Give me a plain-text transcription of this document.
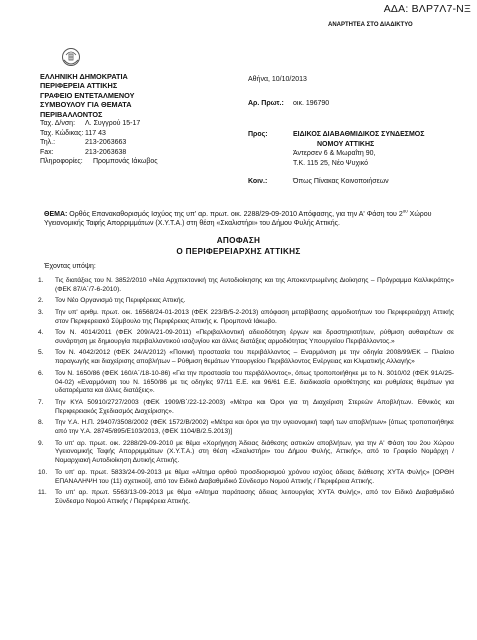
ΑΔΑ: ΒΛΡ7Λ7-ΝΞ
ΑΝΑΡΤΗΤΕΑ ΣΤΟ ΔΙΑΔΙΚΤΥΟ
ΕΛΛΗΝΙΚΗ ΔΗΜΟΚΡΑΤΙΑ
ΠΕΡΙΦΕΡΕΙΑ ΑΤΤΙΚΗΣ
ΓΡΑΦΕΙΟ ΕΝΤΕΤΑΛΜΕΝΟΥ
ΣΥΜΒΟΥΛΟΥ ΓΙΑ ΘΕΜΑΤΑ
ΠΕΡΙΒΑΛΛΟΝΤΟΣ
Ταχ. Δ/νση:	Λ. Συγγρού 15-17
Ταχ. Κώδικας: 117 43
Τηλ.:	213-2063663
Fax:	213-2063638
Πληροφορίες:	Προμπονάς Ιάκωβος
Αθήνα, 10/10/2013
Αρ. Πρωτ.: οικ. 196790
Προς:	ΕΙΔΙΚΟΣ ΔΙΑΒΑΘΜΙΔΙΚΟΣ ΣΥΝΔΕΣΜΟΣ
ΝΟΜΟΥ ΑΤΤΙΚΗΣ
Άντερσεν 6 & Μωραΐτη 90,
Τ.Κ. 115 25, Νέο Ψυχικό
Κοιν.:	Όπως Πίνακας Κοινοποιήσεων
ΘΕΜΑ: Ορθός Επανακαθορισμός Ισχύος της υπ' αρ. πρωτ. οικ. 2288/29-09-2010 Απόφασης, για την Α' Φάση του $2^{o\upsilon}$ Χώρου Υγειονομικής Ταφής Απορριμμάτων (Χ.Υ.Τ.Α.) στη θέση «Σκαλιστήρι» του Δήμου Φυλής Αττικής.
ΑΠΟΦΑΣΗ
Ο ΠΕΡΙΦΕΡΕΙΑΡΧΗΣ ΑΤΤΙΚΗΣ
Έχοντας υπόψη:
1.	Τις διατάξεις του Ν. 3852/2010 «Νέα Αρχιτεκτονική της Αυτοδιοίκησης και της Αποκεντρωμένης Διοίκησης – Πρόγραμμα Καλλικράτης» (ΦΕΚ 87/Α΄/7-6-2010).
2.	Τον Νέο Οργανισμό της Περιφέρειας Αττικής.
3.	Την υπ' αριθμ. πρωτ. οικ. 16568/24-01-2013 (ΦΕΚ 223/Β/5-2-2013) απόφαση μεταβίβασης αρμοδιοτήτων του Περιφερειάρχη Αττικής στον Περιφερειακό Σύμβουλο της Περιφέρειας Αττικής κ. Προμπονά Ιάκωβο.
4.	Τον Ν. 4014/2011 (ΦΕΚ 209/Α/21-09-2011) «Περιβαλλοντική αδειοδότηση έργων και δραστηριοτήτων, ρύθμιση αυθαιρέτων σε συνάρτηση με δημιουργία περιβαλλοντικού ισοζυγίου και άλλες διατάξεις αρμοδιότητας Υπουργείου Περιβάλλοντος.»
5.	Τον Ν. 4042/2012 (ΦΕΚ 24/Α/2012) «Ποινική προστασία του περιβάλλοντος – Εναρμόνιση με την οδηγία 2008/99/ΕΚ – Πλαίσιο παραγωγής και διαχείρισης αποβλήτων – Ρύθμιση θεμάτων Υπουργείου Περιβάλλοντος Ενέργειας και Κλιματικής Αλλαγής»
6.	Τον Ν. 1650/86 (ΦΕΚ 160/Α΄/18-10-86) «Για την προστασία του περιβάλλοντος», όπως τροποποιήθηκε με το Ν. 3010/02 (ΦΕΚ 91Α/25-04-02) «Εναρμόνιση του Ν. 1650/86 με τις οδηγίες 97/11 Ε.Ε. και 96/61 Ε.Ε. διαδικασία οριοθέτησης και ρυθμίσεις θεμάτων για υδατορέματα και άλλες διατάξεις».
7.	Την ΚΥΑ 50910/2727/2003 (ΦΕΚ 1909/Β΄/22-12-2003) «Μέτρα και Όροι για τη Διαχείριση Στερεών Αποβλήτων. Εθνικός και Περιφερειακός Σχεδιασμός Διαχείρισης».
8.	Την Υ.Α. Η.Π. 29407/3508/2002 (ΦΕΚ 1572/Β/2002) «Μέτρα και όροι για την υγειονομική ταφή των αποβλήτων» [όπως τροποποιήθηκε από την Υ.Α. 28745/895/Ε103/2013, (ΦΕΚ 1104/Β/2.5.2013)]
9.	Το υπ' αρ. πρωτ. οικ. 2288/29-09-2010 με θέμα «Χορήγηση Άδειας διάθεσης αστικών αποβλήτων, για την Α' Φάση του 2ου Χώρου Υγειονομικής Ταφής Απορριμμάτων (Χ.Υ.Τ.Α.) στη θέση «Σκαλιστήρι» του Δήμου Φυλής, Αττικής», από το Γραφείο Νομάρχη / Νομαρχιακή Αυτοδιοίκηση Δυτικής Αττικής.
10.	Το υπ' αρ. πρωτ. 5833/24-09-2013 με θέμα «Αίτημα ορθού προσδιορισμού χρόνου ισχύος άδειας διάθεσης ΧΥΤΑ Φυλής» [ΟΡΘΗ ΕΠΑΝΑΛΗΨΗ του (11) σχετικού], από τον Ειδικό Διαβαθμιδικό Σύνδεσμο Νομού Αττικής / Περιφέρεια Αττικής.
11.	Το υπ' αρ. πρωτ. 5563/13-09-2013 με θέμα «Αίτημα παράτασης άδειας λειτουργίας ΧΥΤΑ Φυλής», από τον Ειδικό Διαβαθμιδικό Σύνδεσμο Νομού Αττικής / Περιφέρεια Αττικής.
